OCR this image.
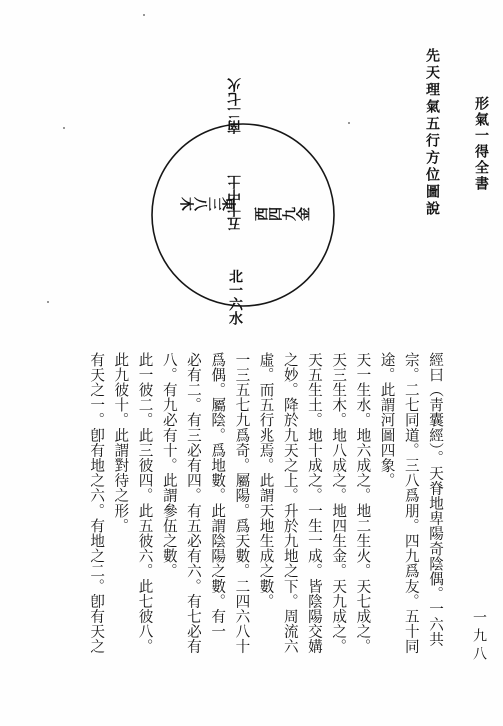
形氣一得全書
一九八
先天理氣五行方位圖說
南二七火
北一六水
東三八木
西四九金
五十中土
經曰（靑囊經）。天脊地卑陽奇陰偶。一六共
宗。二七同道。三八爲朋。四九爲友。五十同
途。此謂河圖四象。
天一生水。地六成之。地二生火。天七成之。
天三生木。地八成之。地四生金。天九成之。
天五生土。地十成之。一生一成。皆陰陽交媾
之妙。降於九天之上。升於九地之下。周流六
虛。而五行兆焉。此謂天地生成之數。
一三五七九爲奇。屬陽。爲天數。二四六八十
爲偶。屬陰。爲地數。此謂陰陽之數。有一
必有二。有三必有四。有五必有六。有七必有
八。有九必有十。此謂參伍之數。
此一彼二。此三彼四。此五彼六。此七彼八。
此九彼十。此謂對待之形。
有天之一。卽有地之六。有地之二。卽有天之
